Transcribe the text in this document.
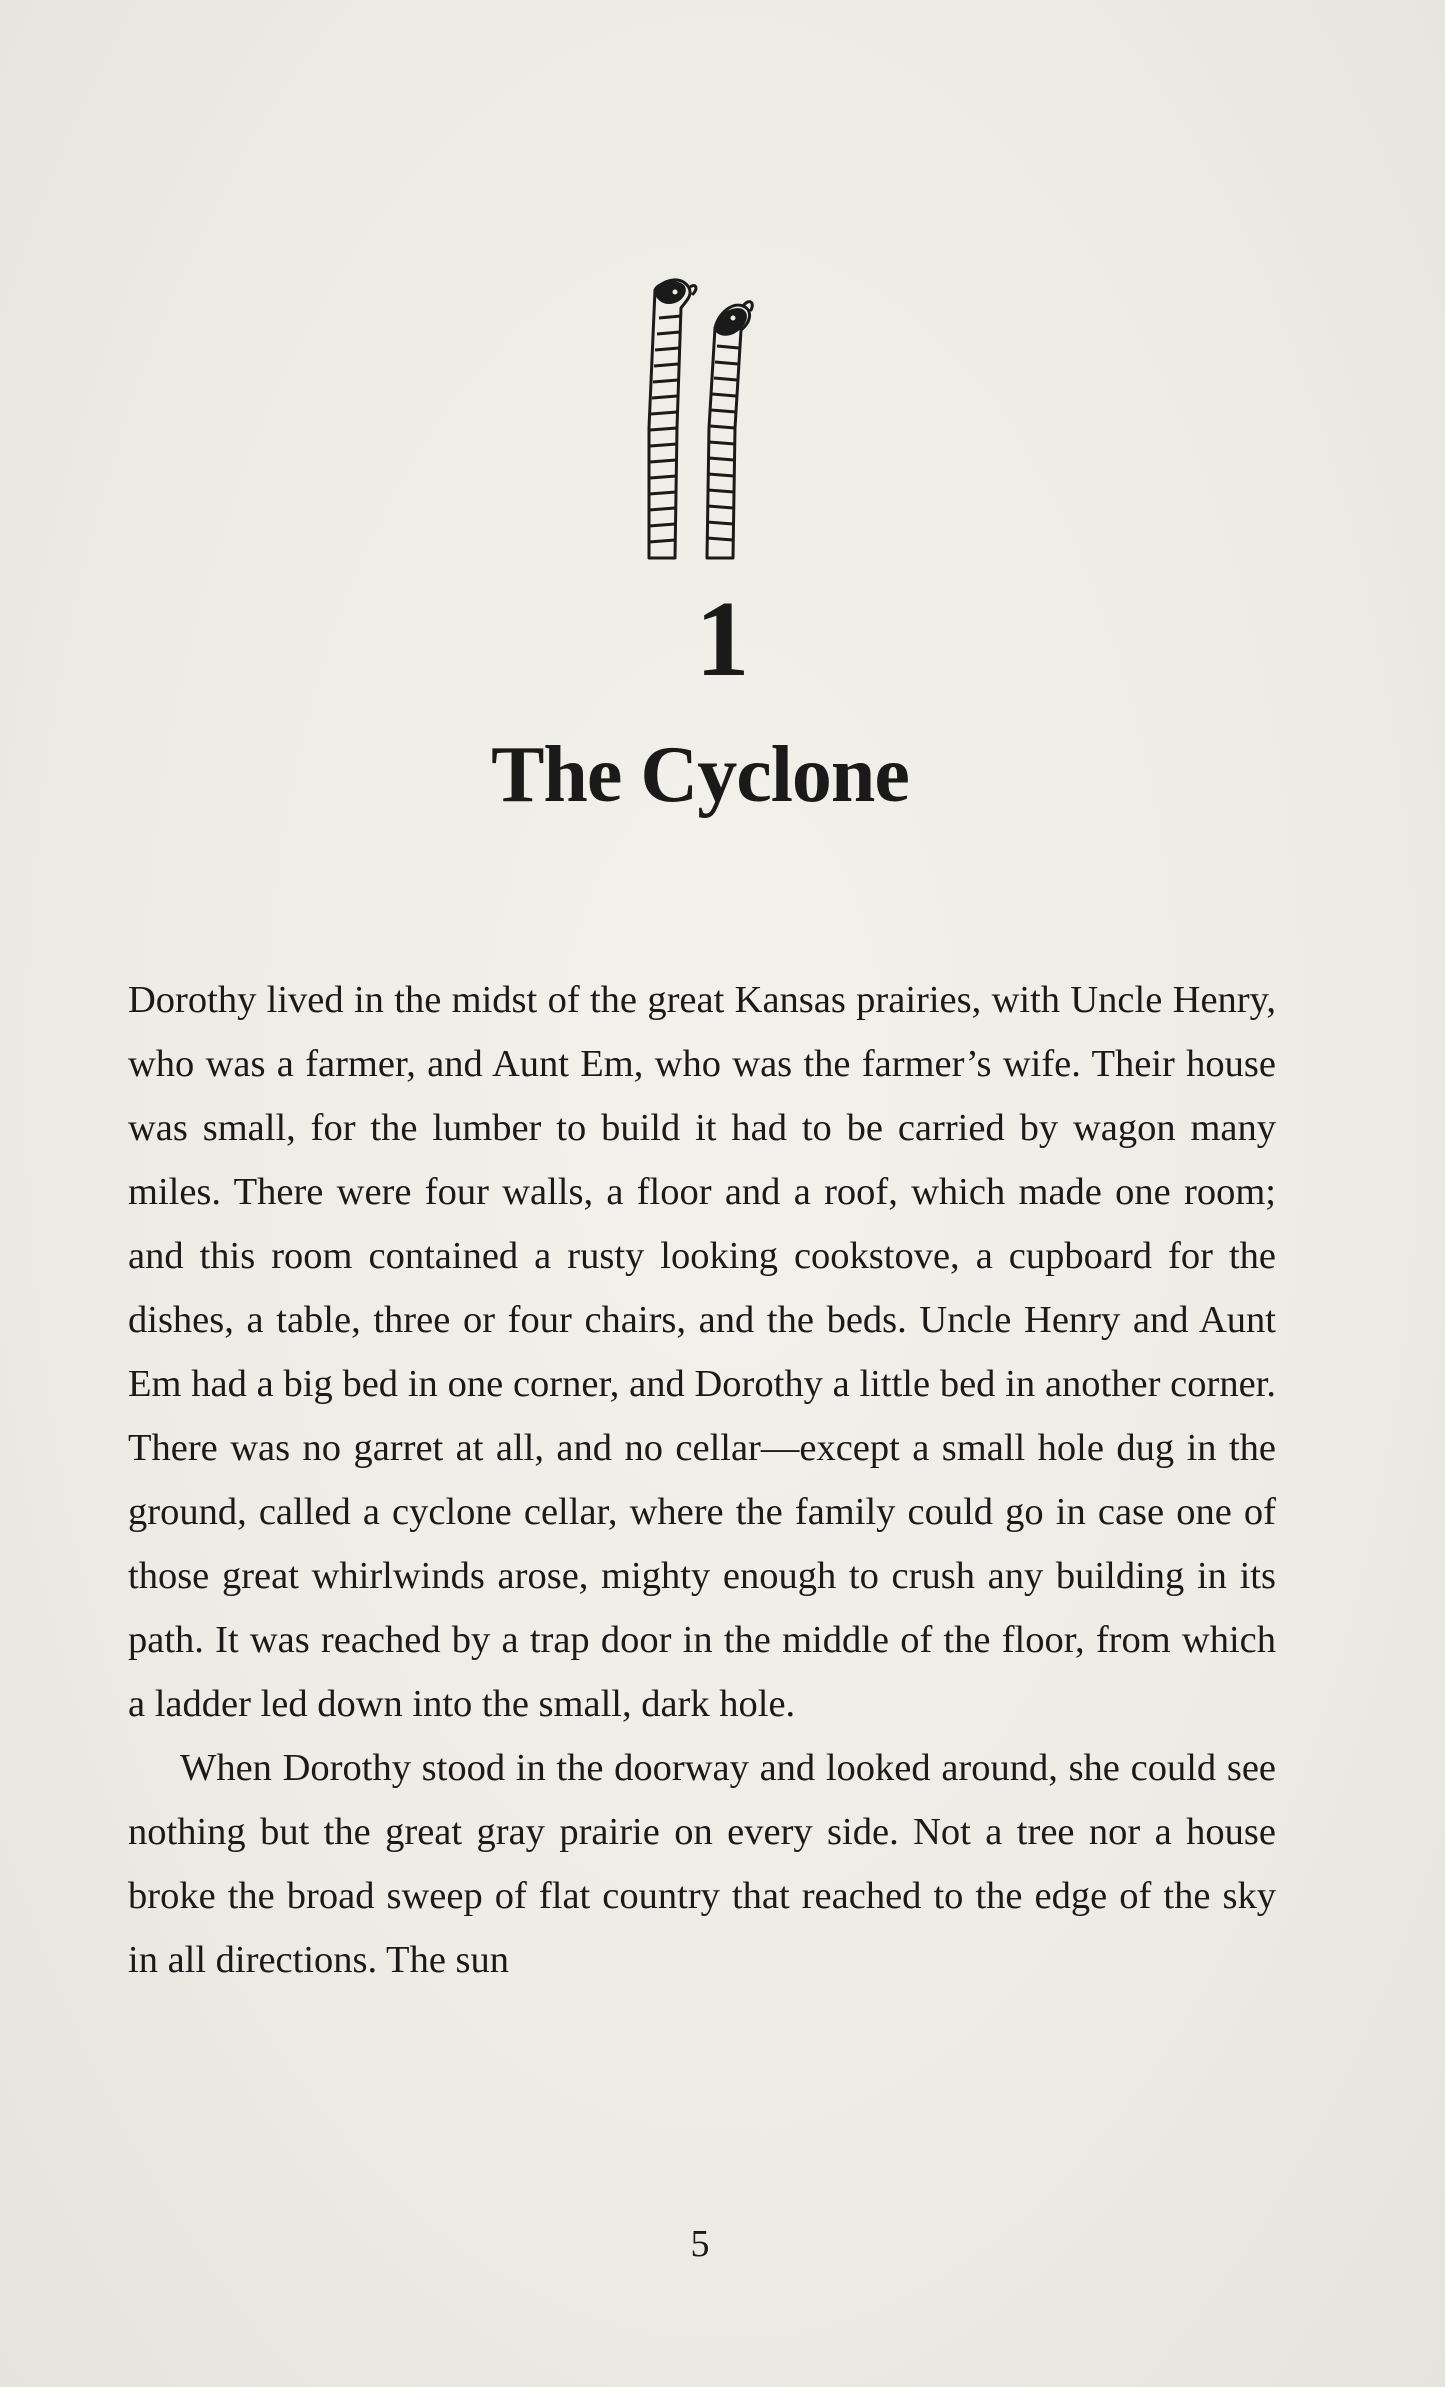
1
The Cyclone

Dorothy lived in the midst of the great Kansas prairies, with Uncle Henry, who was a farmer, and Aunt Em, who was the farmer’s wife. Their house was small, for the lumber to build it had to be carried by wagon many miles. There were four walls, a floor and a roof, which made one room; and this room contained a rusty looking cookstove, a cupboard for the dishes, a table, three or four chairs, and the beds. Uncle Henry and Aunt Em had a big bed in one corner, and Dorothy a little bed in another corner. There was no garret at all, and no cellar—except a small hole dug in the ground, called a cyclone cellar, where the family could go in case one of those great whirlwinds arose, mighty enough to crush any building in its path. It was reached by a trap door in the middle of the floor, from which a ladder led down into the small, dark hole.

When Dorothy stood in the doorway and looked around, she could see nothing but the great gray prairie on every side. Not a tree nor a house broke the broad sweep of flat country that reached to the edge of the sky in all directions. The sun

5
